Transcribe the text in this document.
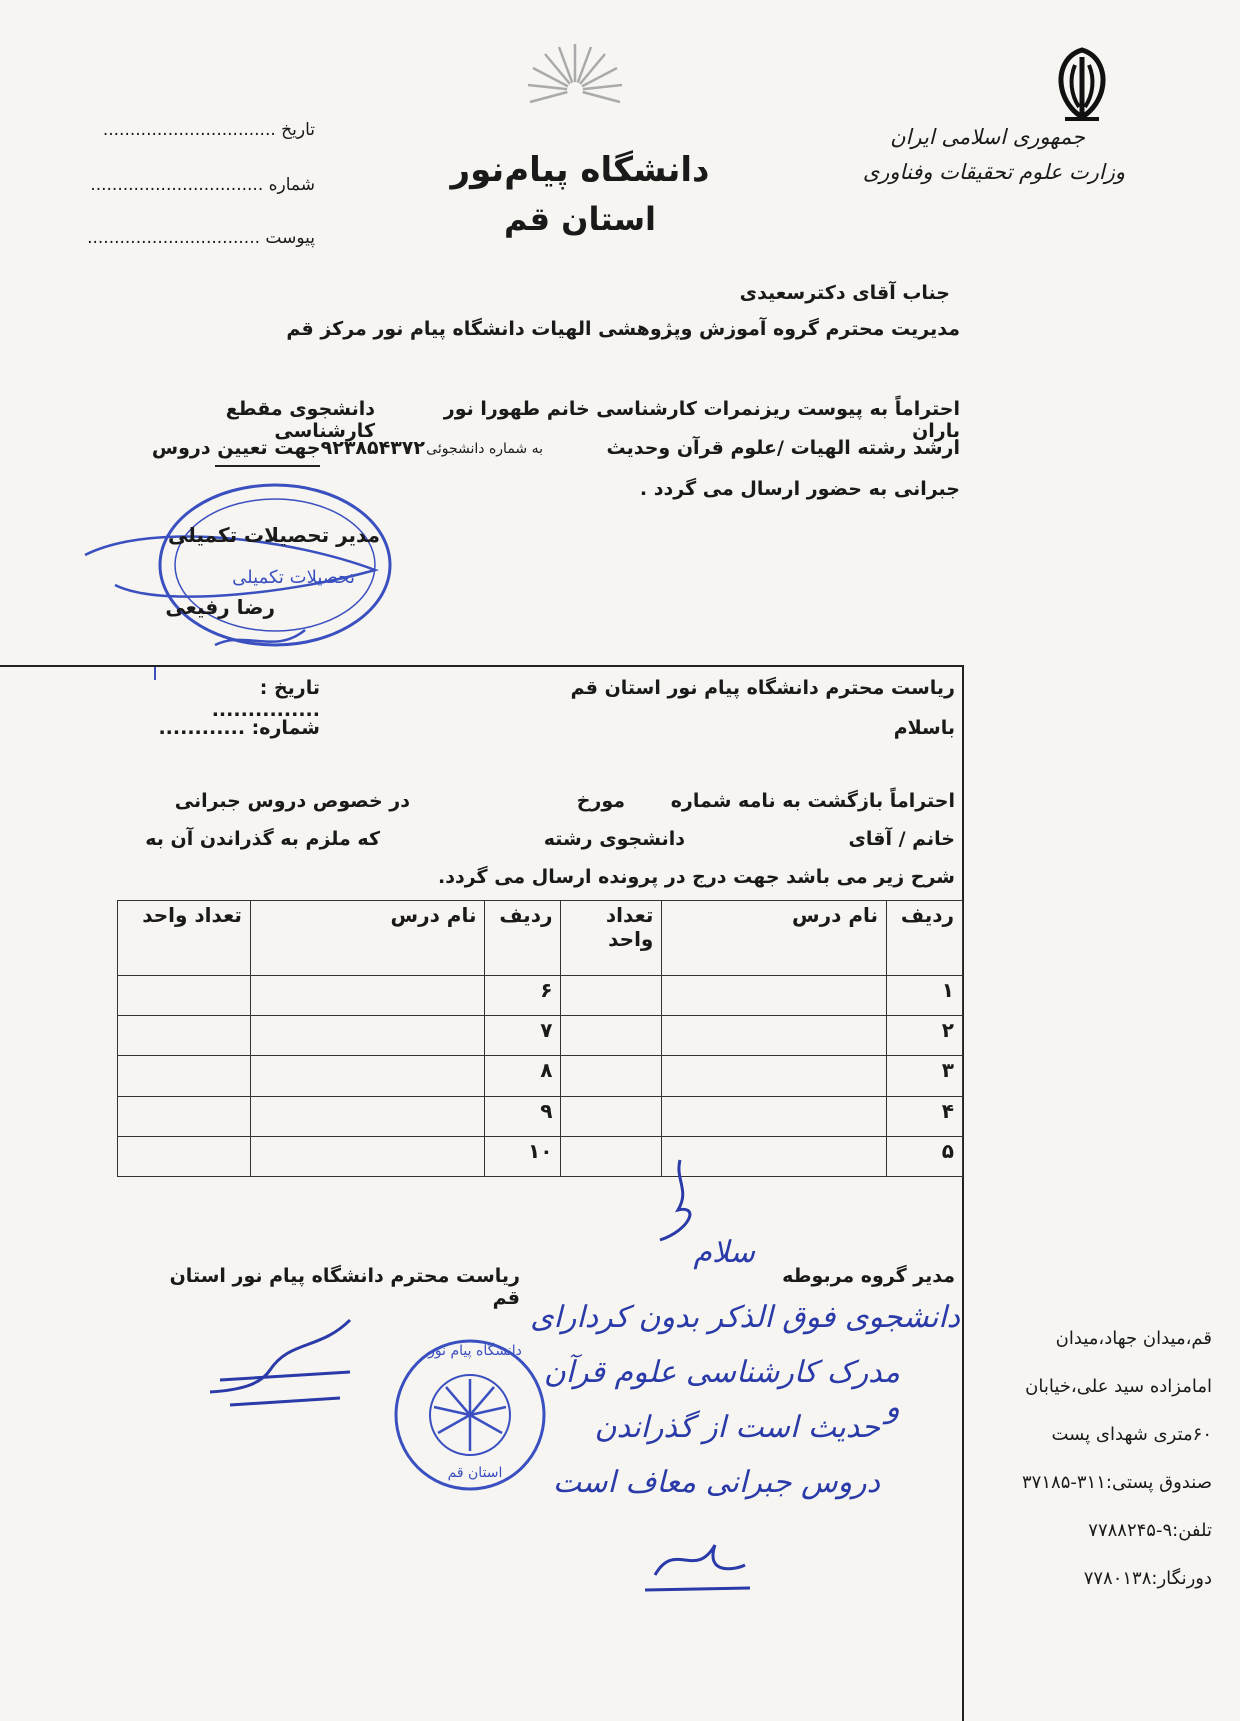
جمهوری اسلامی ایران
وزارت علوم تحقیقات وفناوری
دانشگاه پیام‌نور
استان قم
تاریخ ................................
شماره ................................
پیوست ................................
جناب آقای دکترسعیدی
مدیریت محترم گروه آموزش وپژوهشی الهیات دانشگاه پیام نور مرکز قم
احتراماً به پیوست ریزنمرات کارشناسی خانم طهورا نور باران
دانشجوی مقطع کارشناسی
ارشد رشته الهیات /علوم قرآن وحدیث
به شماره دانشجوئی
۹۲۳۸۵۴۳۷۲جهت تعیین دروس
جبرانی به حضور ارسال می گردد .
مدیر تحصیلات تکمیلی
تحصیلات تکمیلی
رضا رفیعی
ریاست محترم دانشگاه پیام نور استان قم
باسلام
تاریخ : ...............
شماره: ............
احتراماً بازگشت به نامه شماره
مورخ
در خصوص دروس جبرانی
خانم / آقای
دانشجوی رشته
که ملزم به گذراندن آن به
شرح زیر می باشد جهت درج در پرونده ارسال می گردد.
ردیف	نام درس	تعداد واحد	ردیف	نام درس	تعداد واحد
۱			۶		
۲			۷		
۳			۸		
۴			۹		
۵			۱۰		
مدیر گروه مربوطه
ریاست محترم دانشگاه پیام نور استان قم
سلام
دانشجوی فوق الذکر بدون کردارای
مدرک کارشناسی علوم قرآن و
حدیث است از گذراندن
دروس جبرانی معاف است
دانشگاه پیام نور
استان قم
قم،میدان جهاد،میدان
امامزاده سید علی،خیابان
۶۰متری شهدای پست
صندوق پستی:۳۱۱-۳۷۱۸۵
تلفن:۹-۷۷۸۸۲۴۵
دورنگار:۷۷۸۰۱۳۸
